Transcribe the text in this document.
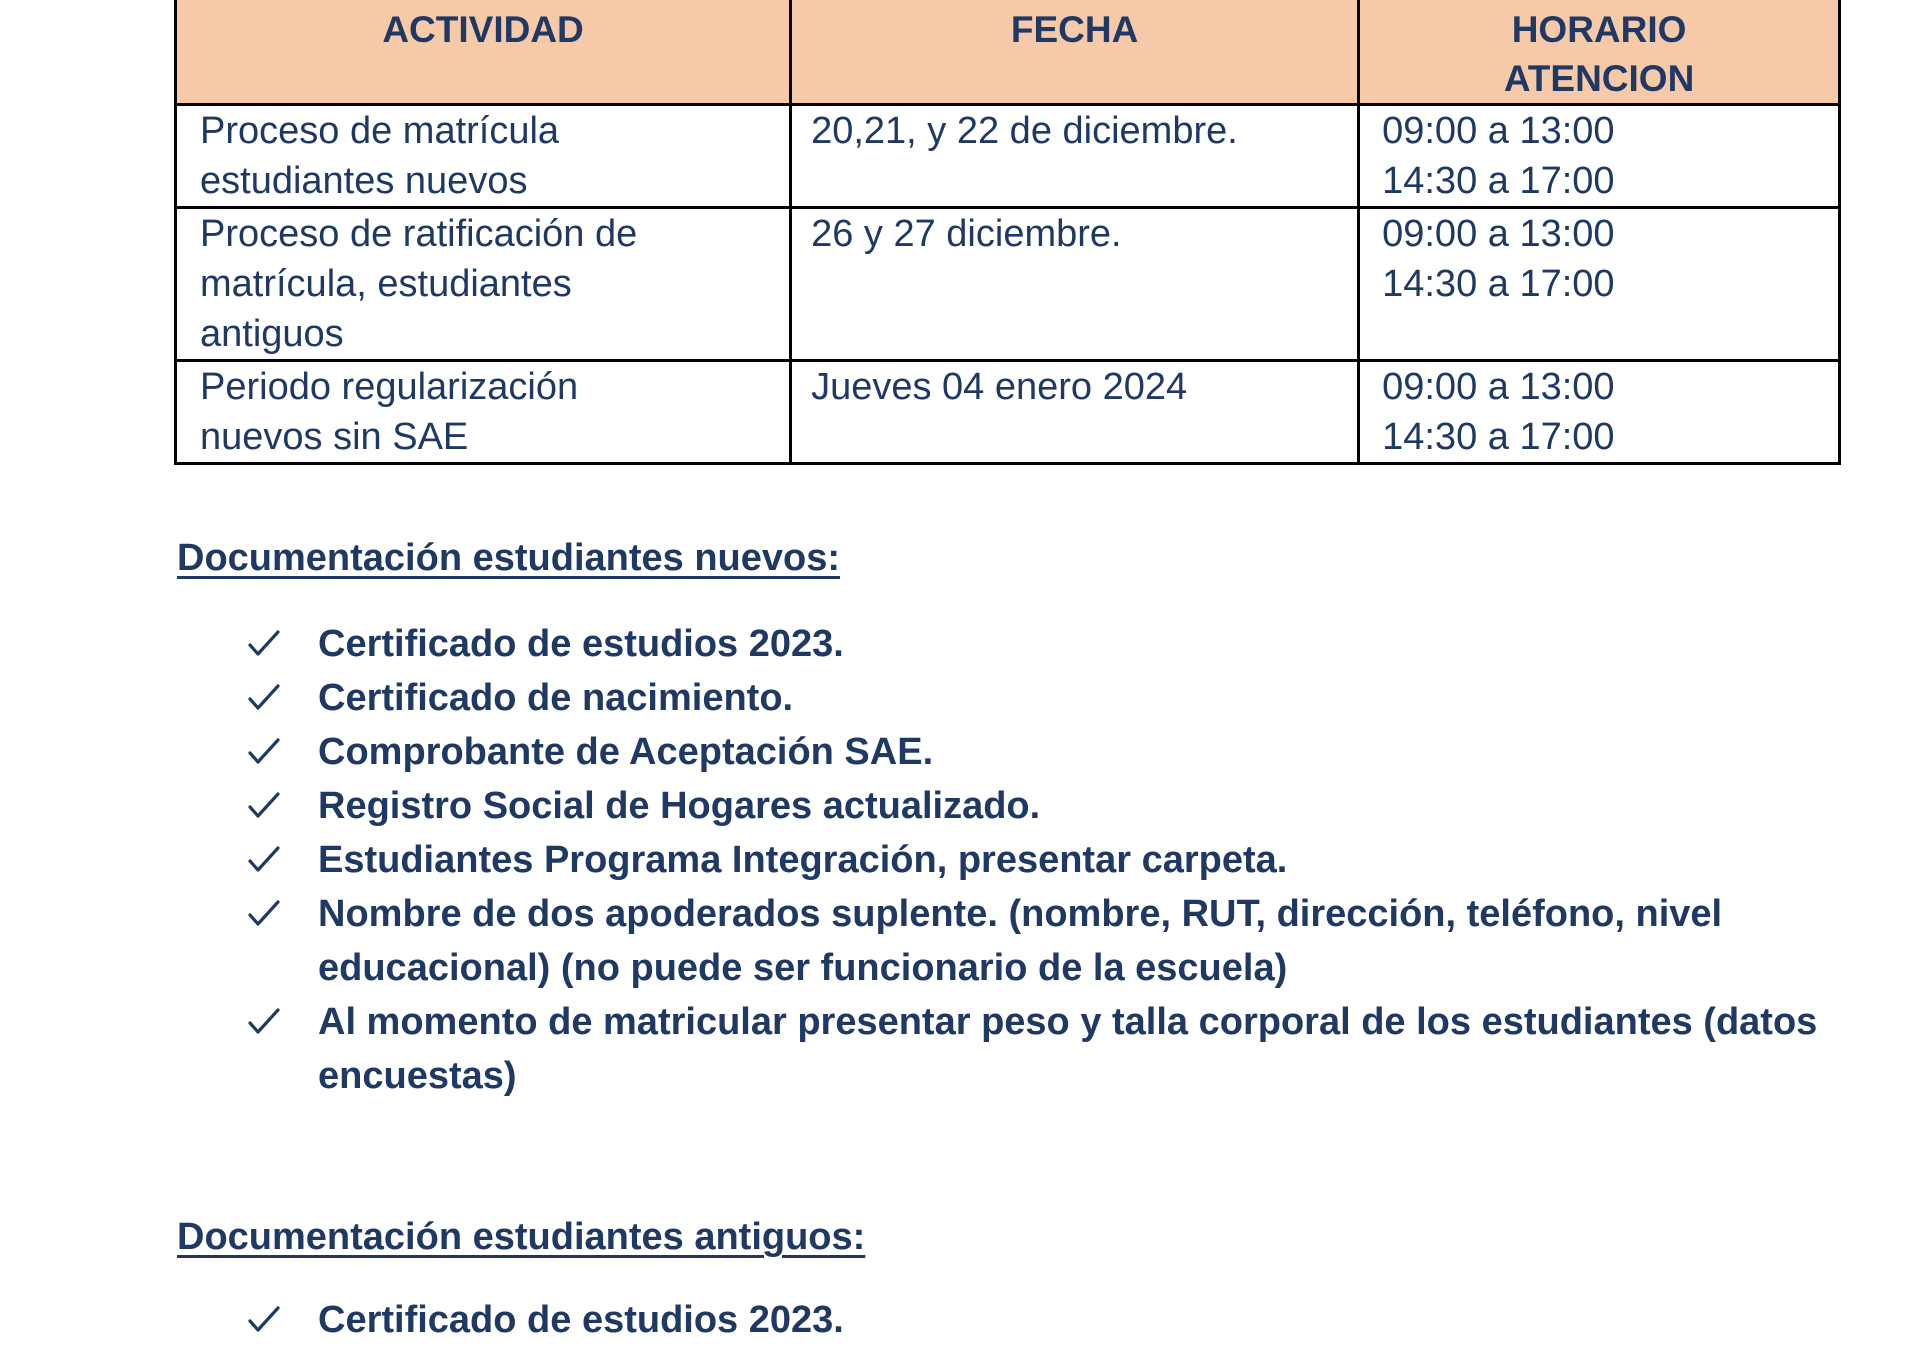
ACTIVIDAD	FECHA	HORARIO
ATENCION

Proceso de matrícula
estudiantes nuevos	20,21, y 22 de diciembre.	09:00 a 13:00
14:30 a 17:00

Proceso de ratificación de
matrícula, estudiantes
antiguos	26 y 27 diciembre.	09:00 a 13:00
14:30 a 17:00

Periodo regularización
nuevos sin SAE	Jueves 04 enero 2024	09:00 a 13:00
14:30 a 17:00
Documentación estudiantes nuevos:
Certificado de estudios 2023.
Certificado de nacimiento.
Comprobante de Aceptación SAE.
Registro Social de Hogares actualizado.
Estudiantes Programa Integración, presentar carpeta.
Nombre de dos apoderados suplente. (nombre, RUT, dirección, teléfono, nivel educacional) (no puede ser funcionario de la escuela)
Al momento de matricular presentar peso y talla corporal de los estudiantes (datos encuestas)
Documentación estudiantes antiguos:
Certificado de estudios 2023.
